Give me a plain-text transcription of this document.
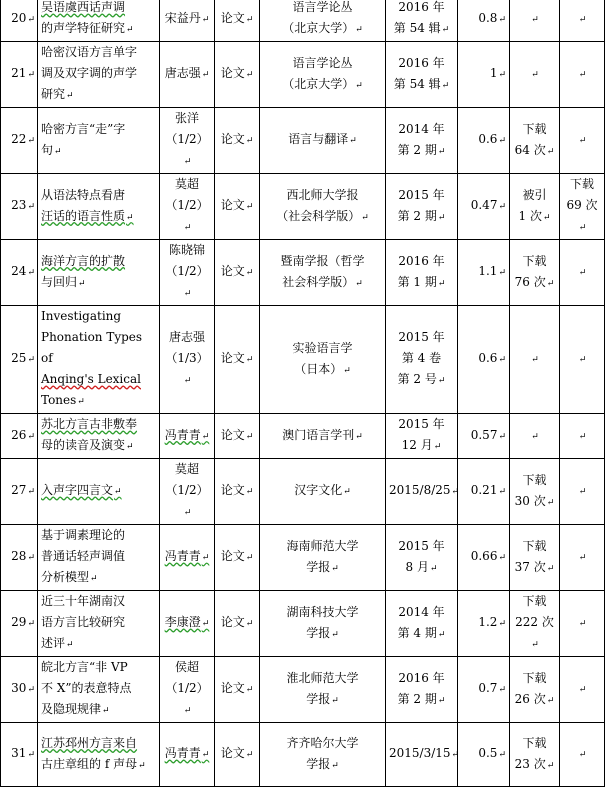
20↵	吴语虞西话声调
的声学特征研究↵	宋益丹↵	论文↵	语言学论丛
（北京大学）↵	2016 年
第 54 辑↵	0.8↵	↵	↵
21↵	哈密汉语方言单字
调及双字调的声学
研究↵	唐志强↵	论文↵	语言学论丛
（北京大学）↵	2016 年
第 54 辑↵	1↵	↵	↵
22↵	哈密方言“走”字
句↵	张洋
（1/2）↵	论文↵	语言与翻译↵	2014 年
第 2 期↵	0.6↵	下载
64 次↵	↵
23↵	从语法特点看唐
汪话的语言性质↵	莫超
（1/2）↵	论文↵	西北师大学报
（社会科学版）↵	2015 年
第 2 期↵	0.47↵	被引
1 次↵	下载
69 次↵

24↵	海洋方言的扩散
与回归↵	陈晓锦
（1/2）↵	论文↵	暨南学报（哲学
社会科学版）↵	2016 年
第 1 期↵	1.1↵	下载
76 次↵	↵
25↵	Investigating
Phonation Types of
Anqing's Lexical
Tones↵	唐志强
（1/3）↵	论文↵	实验语言学
（日本）↵	2015 年
第 4 卷
第 2 号↵	0.6↵	↵	↵
26↵	苏北方言古非敷奉
母的读音及演变↵	冯青青↵	论文↵	澳门语言学刊↵	2015 年
12 月↵	0.57↵	↵	↵
27↵	入声字四言文↵	莫超
（1/2）↵	论文↵	汉字文化↵	2015/8/25↵	0.21↵	下载
30 次↵	↵
28↵	基于调素理论的
普通话轻声调值
分析模型↵	冯青青↵	论文↵	海南师范大学
学报↵	2015 年
8 月↵	0.66↵	下载
37 次↵	↵
29↵	近三十年湖南汉
语方言比较研究
述评↵	李康澄↵	论文↵	湖南科技大学
学报↵	2014 年
第 4 期↵	1.2↵	下载
222 次↵	↵
30↵	皖北方言“非 VP
不 X”的表意特点
及隐现规律↵	侯超
（1/2）↵	论文↵	淮北师范大学
学报↵	2016 年
第 2 期↵	0.7↵	下载
26 次↵	↵
31↵	江苏邳州方言来自
古庄章组的 f 声母↵	冯青青↵	论文↵	齐齐哈尔大学
学报↵	2015/3/15↵	0.5↵	下载
23 次↵	↵
